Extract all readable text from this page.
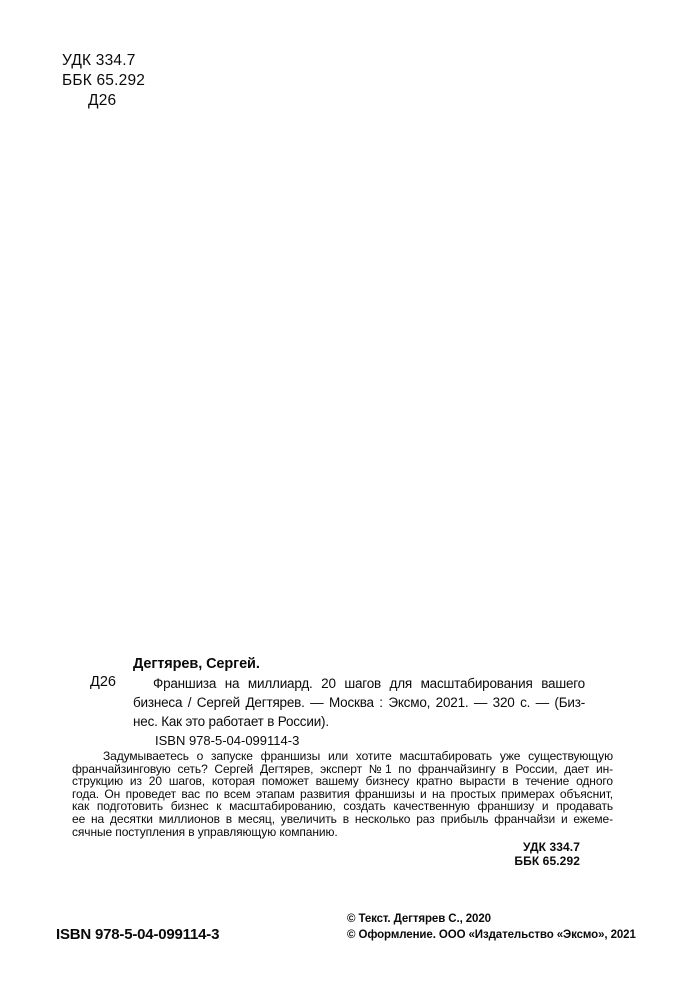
УДК 334.7
ББК 65.292
Д26
Д26
Дегтярев, Сергей.
Франшиза на миллиард. 20 шагов для масштабирования вашего
бизнеса / Сергей Дегтярев. — Москва : Эксмо, 2021. — 320 с. — (Биз-
нес. Как это работает в России).
ISBN 978-5-04-099114-3
Задумываетесь о запуске франшизы или хотите масштабировать уже существующую
франчайзинговую сеть? Сергей Дегтярев, эксперт №1 по франчайзингу в России, дает ин-
струкцию из 20 шагов, которая поможет вашему бизнесу кратно вырасти в течение одного
года. Он проведет вас по всем этапам развития франшизы и на простых примерах объяснит,
как подготовить бизнес к масштабированию, создать качественную франшизу и продавать
ее на десятки миллионов в месяц, увеличить в несколько раз прибыль франчайзи и ежеме-
сячные поступления в управляющую компанию.
УДК 334.7
ББК 65.292
ISBN 978-5-04-099114-3
© Текст. Дегтярев С., 2020
© Оформление. ООО «Издательство «Эксмо», 2021
